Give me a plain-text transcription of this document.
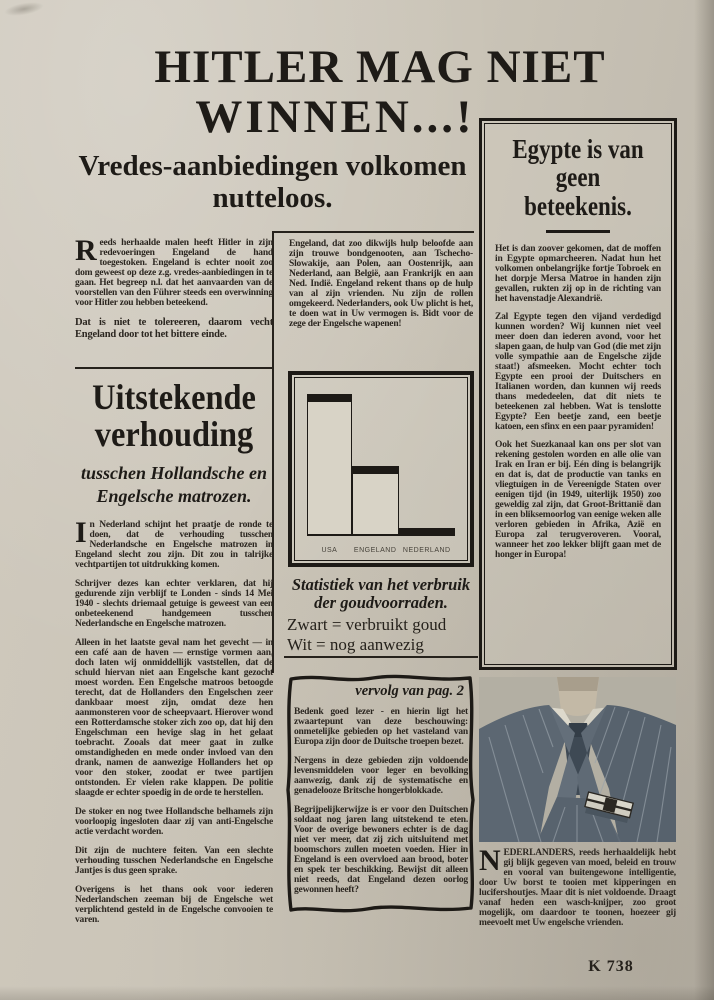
HITLER MAG NIET
WINNEN...!
Vredes-aanbiedingen volkomen nutteloos.

Reeds herhaalde malen heeft Hitler in zijn redevoeringen Engeland de hand toegestoken. Engeland is echter nooit zoo dom geweest op deze z.g. vredes-aanbiedingen in te gaan. Het begreep n.l. dat het aanvaarden van de voorstellen van den Führer steeds een overwinning voor Hitler zou hebben beteekend.

Dat is niet te tolereeren, daarom vecht Engeland door tot het bittere einde.

Engeland, dat zoo dikwijls hulp beloofde aan zijn trouwe bondgenooten, aan Tschecho-Slowakije, aan Polen, aan Oostenrijk, aan Nederland, aan België, aan Frankrijk en aan Ned. Indië. Engeland rekent thans op de hulp van al zijn vrienden. Nu zijn de rollen omgekeerd. Nederlanders, ook Uw plicht is het, te doen wat in Uw vermogen is. Bidt voor de zege der Engelsche wapenen!

Uitstekende verhouding
tusschen Hollandsche en Engelsche matrozen.

In Nederland schijnt het praatje de ronde te doen, dat de verhouding tusschen Nederlandsche en Engelsche matrozen in Engeland slecht zou zijn. Dit zou in talrijke vechtpartijen tot uitdrukking komen.

Schrijver dezes kan echter verklaren, dat hij gedurende zijn verblijf te Londen - sinds 14 Mei 1940 - slechts driemaal getuige is geweest van een onbeteekenend handgemeen tusschen Nederlandsche en Engelsche matrozen.

Alleen in het laatste geval nam het gevecht — in een café aan de haven — ernstige vormen aan, doch laten wij onmiddellijk vaststellen, dat de schuld hiervan niet aan Engelsche kant gezocht moest worden. Een Engelsche matroos betoogde terecht, dat de Hollanders den Engelschen zeer dankbaar moest zijn, omdat deze hen aanmonsteren voor de scheepvaart. Hierover wond een Rotterdamsche stoker zich zoo op, dat hij den Engelschman een hevige slag in het gelaat toebracht. Zooals dat meer gaat in zulke omstandigheden en mede onder invloed van den drank, namen de aanwezige Hollanders het op voor den stoker, zoodat er twee partijen ontstonden. Er vielen rake klappen. De politie slaagde er echter spoedig in de orde te herstellen.

De stoker en nog twee Hollandsche belhamels zijn voorloopig ingesloten daar zij van anti-Engelsche actie verdacht worden.

Dit zijn de nuchtere feiten. Van een slechte verhouding tusschen Nederlandsche en Engelsche Jantjes is dus geen sprake.

Overigens is het thans ook voor iederen Nederlandschen zeeman bij de Engelsche wet verplichtend gesteld in de Engelsche convooien te varen.

USA	ENGELAND NEDERLAND
Statistiek van het verbruik der goudvoorraden.
Zwart = verbruikt goud
Wit = nog aanwezig
vervolg van pag. 2

Bedenk goed lezer - en hierin ligt het zwaartepunt van deze beschouwing: onmetelijke gebieden op het vasteland van Europa zijn door de Duitsche troepen bezet.

Nergens in deze gebieden zijn voldoende levensmiddelen voor leger en bevolking aanwezig, dank zij de systematische en genadelooze Britsche hongerblokkade.

Begrijpelijkerwijze is er voor den Duitschen soldaat nog jaren lang uitstekend te eten. Voor de overige bewoners echter is de dag niet ver meer, dat zij zich uitsluitend met boomschors zullen moeten voeden. Hier in Engeland is een overvloed aan brood, boter en spek ter beschikking. Bewijst dit alleen niet reeds, dat Engeland dezen oorlog gewonnen heeft?

Egypte is van geen beteekenis.

Het is dan zoover gekomen, dat de moffen in Egypte opmarcheeren. Nadat hun het volkomen onbelangrijke fortje Tobroek en het dorpje Mersa Matroe in handen zijn gevallen, rukten zij op in de richting van het havenstadje Alexandrië.

Zal Egypte tegen den vijand verdedigd kunnen worden? Wij kunnen niet veel meer doen dan iederen avond, voor het slapen gaan, de hulp van God (die met zijn volle sympathie aan de Engelsche zijde staat!) afsmeeken. Mocht echter toch Egypte een prooi der Duitschers en Italianen worden, dan kunnen wij reeds thans mededeelen, dat dit niets te beteekenen zal hebben. Wat is tenslotte Egypte? Een beetje zand, een beetje katoen, een sfinx en een paar pyramiden!

Ook het Suezkanaal kan ons per slot van rekening gestolen worden en alle olie van Irak en Iran er bij. Eén ding is belangrijk en dat is, dat de productie van tanks en vliegtuigen in de Vereenigde Staten over eenigen tijd (in 1949, uiterlijk 1950) zoo geweldig zal zijn, dat Groot-Brittanië dan in een bliksemoorlog van eenige weken alle verloren gebieden in Afrika, Azië en Europa zal terugveroveren. Vooral, wanneer het zoo lekker blijft gaan met de honger in Europa!

NEDERLANDERS, reeds herhaaldelijk hebt gij blijk gegeven van moed, beleid en trouw en vooral van buitengewone intelligentie, door Uw borst te tooien met kipperingen en lucifershoutjes. Maar dit is niet voldoende. Draagt vanaf heden een wasch-knijper, zoo groot mogelijk, om daardoor te toonen, hoezeer gij meevoelt met Uw engelsche vrienden.

K 738
